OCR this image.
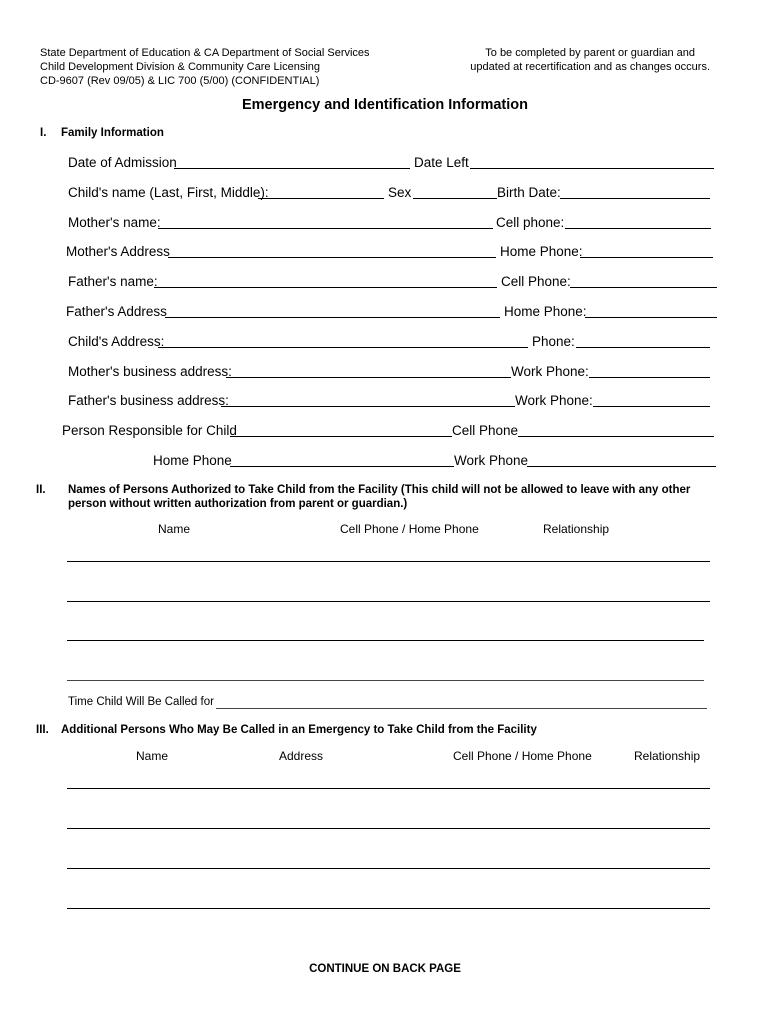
State Department of Education & CA Department of Social Services
Child Development Division & Community Care Licensing
CD-9607 (Rev 09/05) & LIC 700 (5/00) (CONFIDENTIAL)
To be completed by parent or guardian and
updated at recertification and as changes occurs.
Emergency and Identification Information
I. Family Information
Date of Admission	Date Left
Child's name (Last, First, Middle):	Sex	Birth Date:
Mother's name:	Cell phone:
Mother's Address	Home Phone:
Father's name:	Cell Phone:
Father's Address	Home Phone:
Child's Address:	Phone:
Mother's business address:	Work Phone:
Father's business address:	Work Phone:
Person Responsible for Child	Cell Phone
Home Phone	Work Phone
II. Names of Persons Authorized to Take Child from the Facility (This child will not be allowed to leave with any other person without written authorization from parent or guardian.)
Name	Cell Phone / Home Phone	Relationship
Time Child Will Be Called for
III. Additional Persons Who May Be Called in an Emergency to Take Child from the Facility
Name	Address	Cell Phone / Home Phone	Relationship
CONTINUE ON BACK PAGE
